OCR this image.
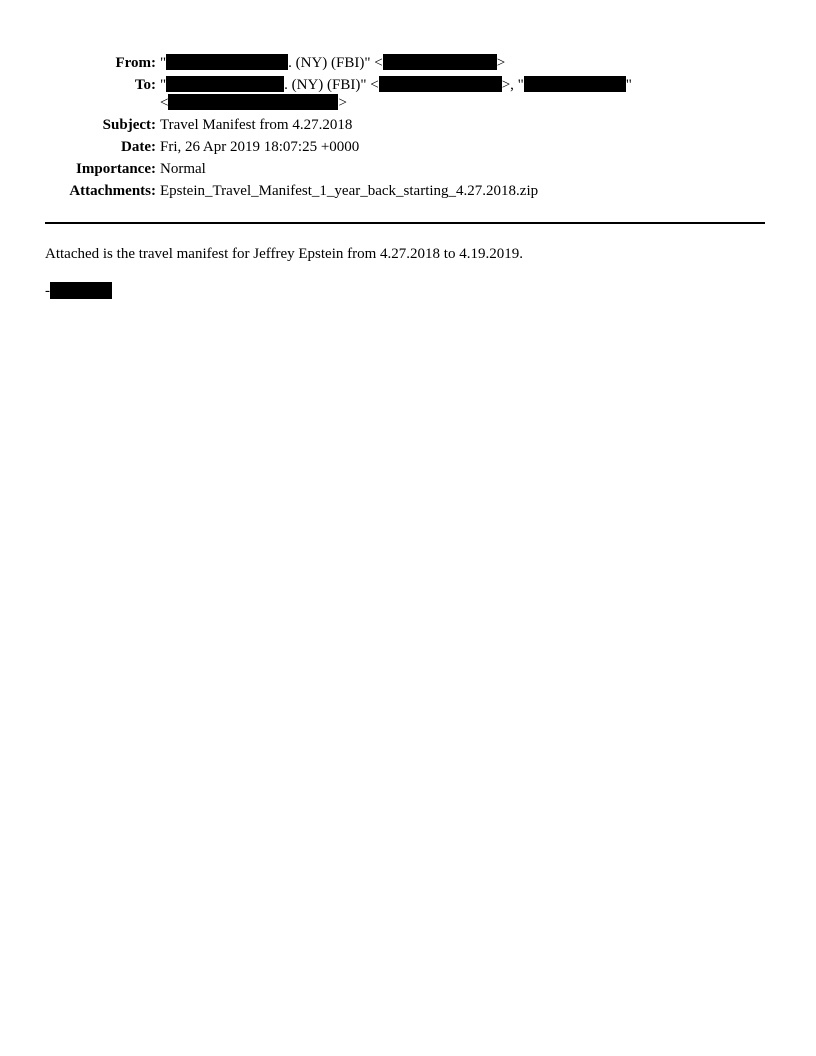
From: "	. (NY) (FBI)" <	>
To: "	. (NY) (FBI)" <	>, "	"
<	>
Subject: Travel Manifest from 4.27.2018
Date: Fri, 26 Apr 2019 18:07:25 +0000
Importance: Normal
Attachments: Epstein_Travel_Manifest_1_year_back_starting_4.27.2018.zip
Attached is the travel manifest for Jeffrey Epstein from 4.27.2018 to 4.19.2019.
-
